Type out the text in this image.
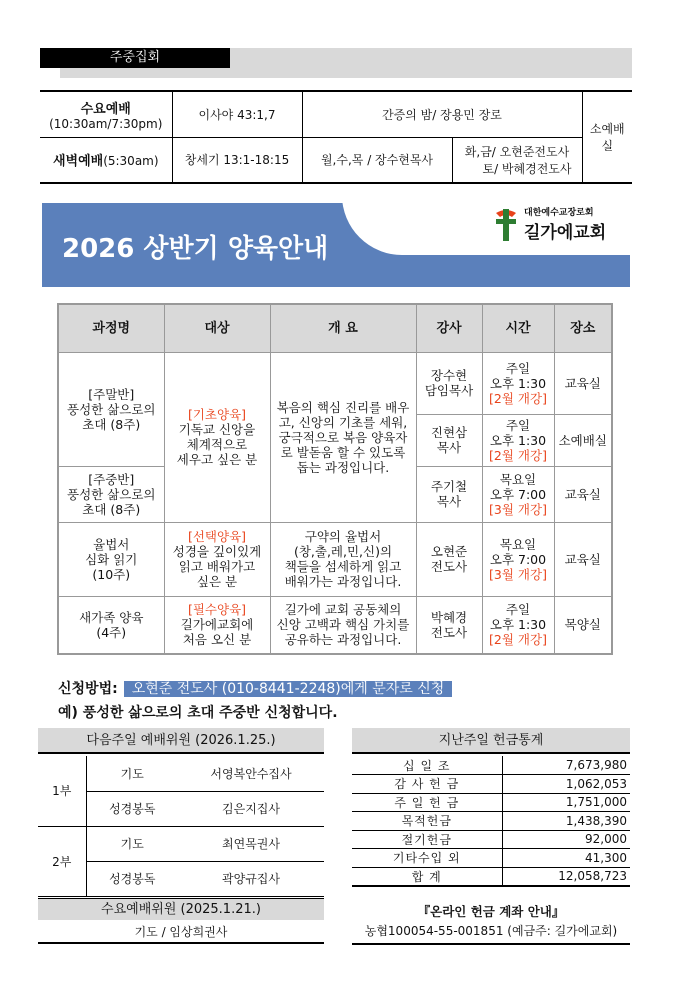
주중집회
수요예배
(10:30am/7:30pm)	이사야 43:1,7	간증의 밤/ 장용민 장로		소예배실
새벽예배(5:30am)	창세기 13:1-18:15	월,수,목 / 장수현목사	화,금/ 오현준전도사
토/ 박혜경전도사	
2026 상반기 양육안내
대한예수교장로회
길가에교회
과정명	대상	개 요	강사	시간	장소

[주말반]
풍성한 삶으로의
초대 (8주)	[기초양육]
기독교 신앙을
체계적으로
세우고 싶은 분	복음의 핵심 진리를 배우
고, 신앙의 기초를 세워,
궁극적으로 복음 양육자
로 발돋움 할 수 있도록
돕는 과정입니다.	장수현
담임목사	주일
오후 1:30
[2월 개강]	교육실

			진현삼
목사	주일
오후 1:30
[2월 개강]	소예배실

[주중반]
풍성한 삶으로의
초대 (8주)			주기철
목사	목요일
오후 7:00
[3월 개강]	교육실

율법서
심화 읽기
(10주)	[선택양육]
성경을 깊이있게
읽고 배워가고
싶은 분	구약의 율법서
(창,출,레,민,신)의
책들을 섬세하게 읽고
배워가는 과정입니다.	오현준
전도사	목요일
오후 7:00
[3월 개강]	교육실

새가족 양육
(4주)	[필수양육]
길가에교회에
처음 오신 분	길가에 교회 공동체의
신앙 고백과 핵심 가치를
공유하는 과정입니다.	박혜경
전도사	주일
오후 1:30
[2월 개강]	목양실
신청방법: 오현준 전도사 (010-8441-2248)에게 문자로 신청
예) 풍성한 삶으로의 초대 주중반 신청합니다.
다음주일 예배위원 (2026.1.25.)
1부	기도	서영복안수집사
	성경봉독	김은지집사
2부	기도	최연목권사
	성경봉독	곽양규집사
수요예배위원 (2025.1.21.)
기도 / 임상희권사
지난주일 헌금통계
십 일 조	7,673,980
감 사 헌 금	1,062,053
주 일 헌 금	1,751,000
목적헌금	1,438,390
절기헌금	92,000
기타수입 외	41,300
합 계	12,058,723
『온라인 헌금 계좌 안내』
농협100054-55-001851 (예금주: 길가에교회)
